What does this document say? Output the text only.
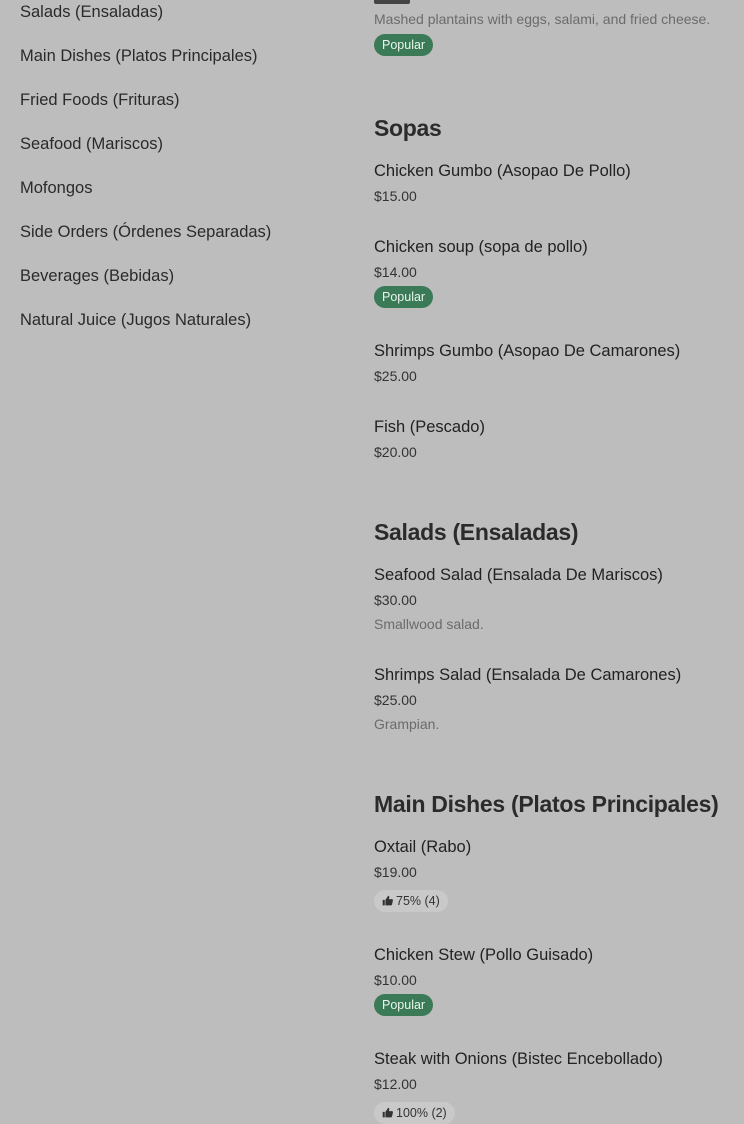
Salads (Ensaladas)
Main Dishes (Platos Principales)
Fried Foods (Frituras)
Seafood (Mariscos)
Mofongos
Side Orders (Órdenes Separadas)
Beverages (Bebidas)
Natural Juice (Jugos Naturales)
Mashed plantains with eggs, salami, and fried cheese.
Popular
Sopas
Chicken Gumbo (Asopao De Pollo)
$15.00
Chicken soup (sopa de pollo)
$14.00
Popular
Shrimps Gumbo (Asopao De Camarones)
$25.00
Fish (Pescado)
$20.00
Salads (Ensaladas)
Seafood Salad (Ensalada De Mariscos)
$30.00
Smallwood salad.
Shrimps Salad (Ensalada De Camarones)
$25.00
Grampian.
Main Dishes (Platos Principales)
Oxtail (Rabo)
$19.00
75% (4)
Chicken Stew (Pollo Guisado)
$10.00
Popular
Steak with Onions (Bistec Encebollado)
$12.00
100% (2)
